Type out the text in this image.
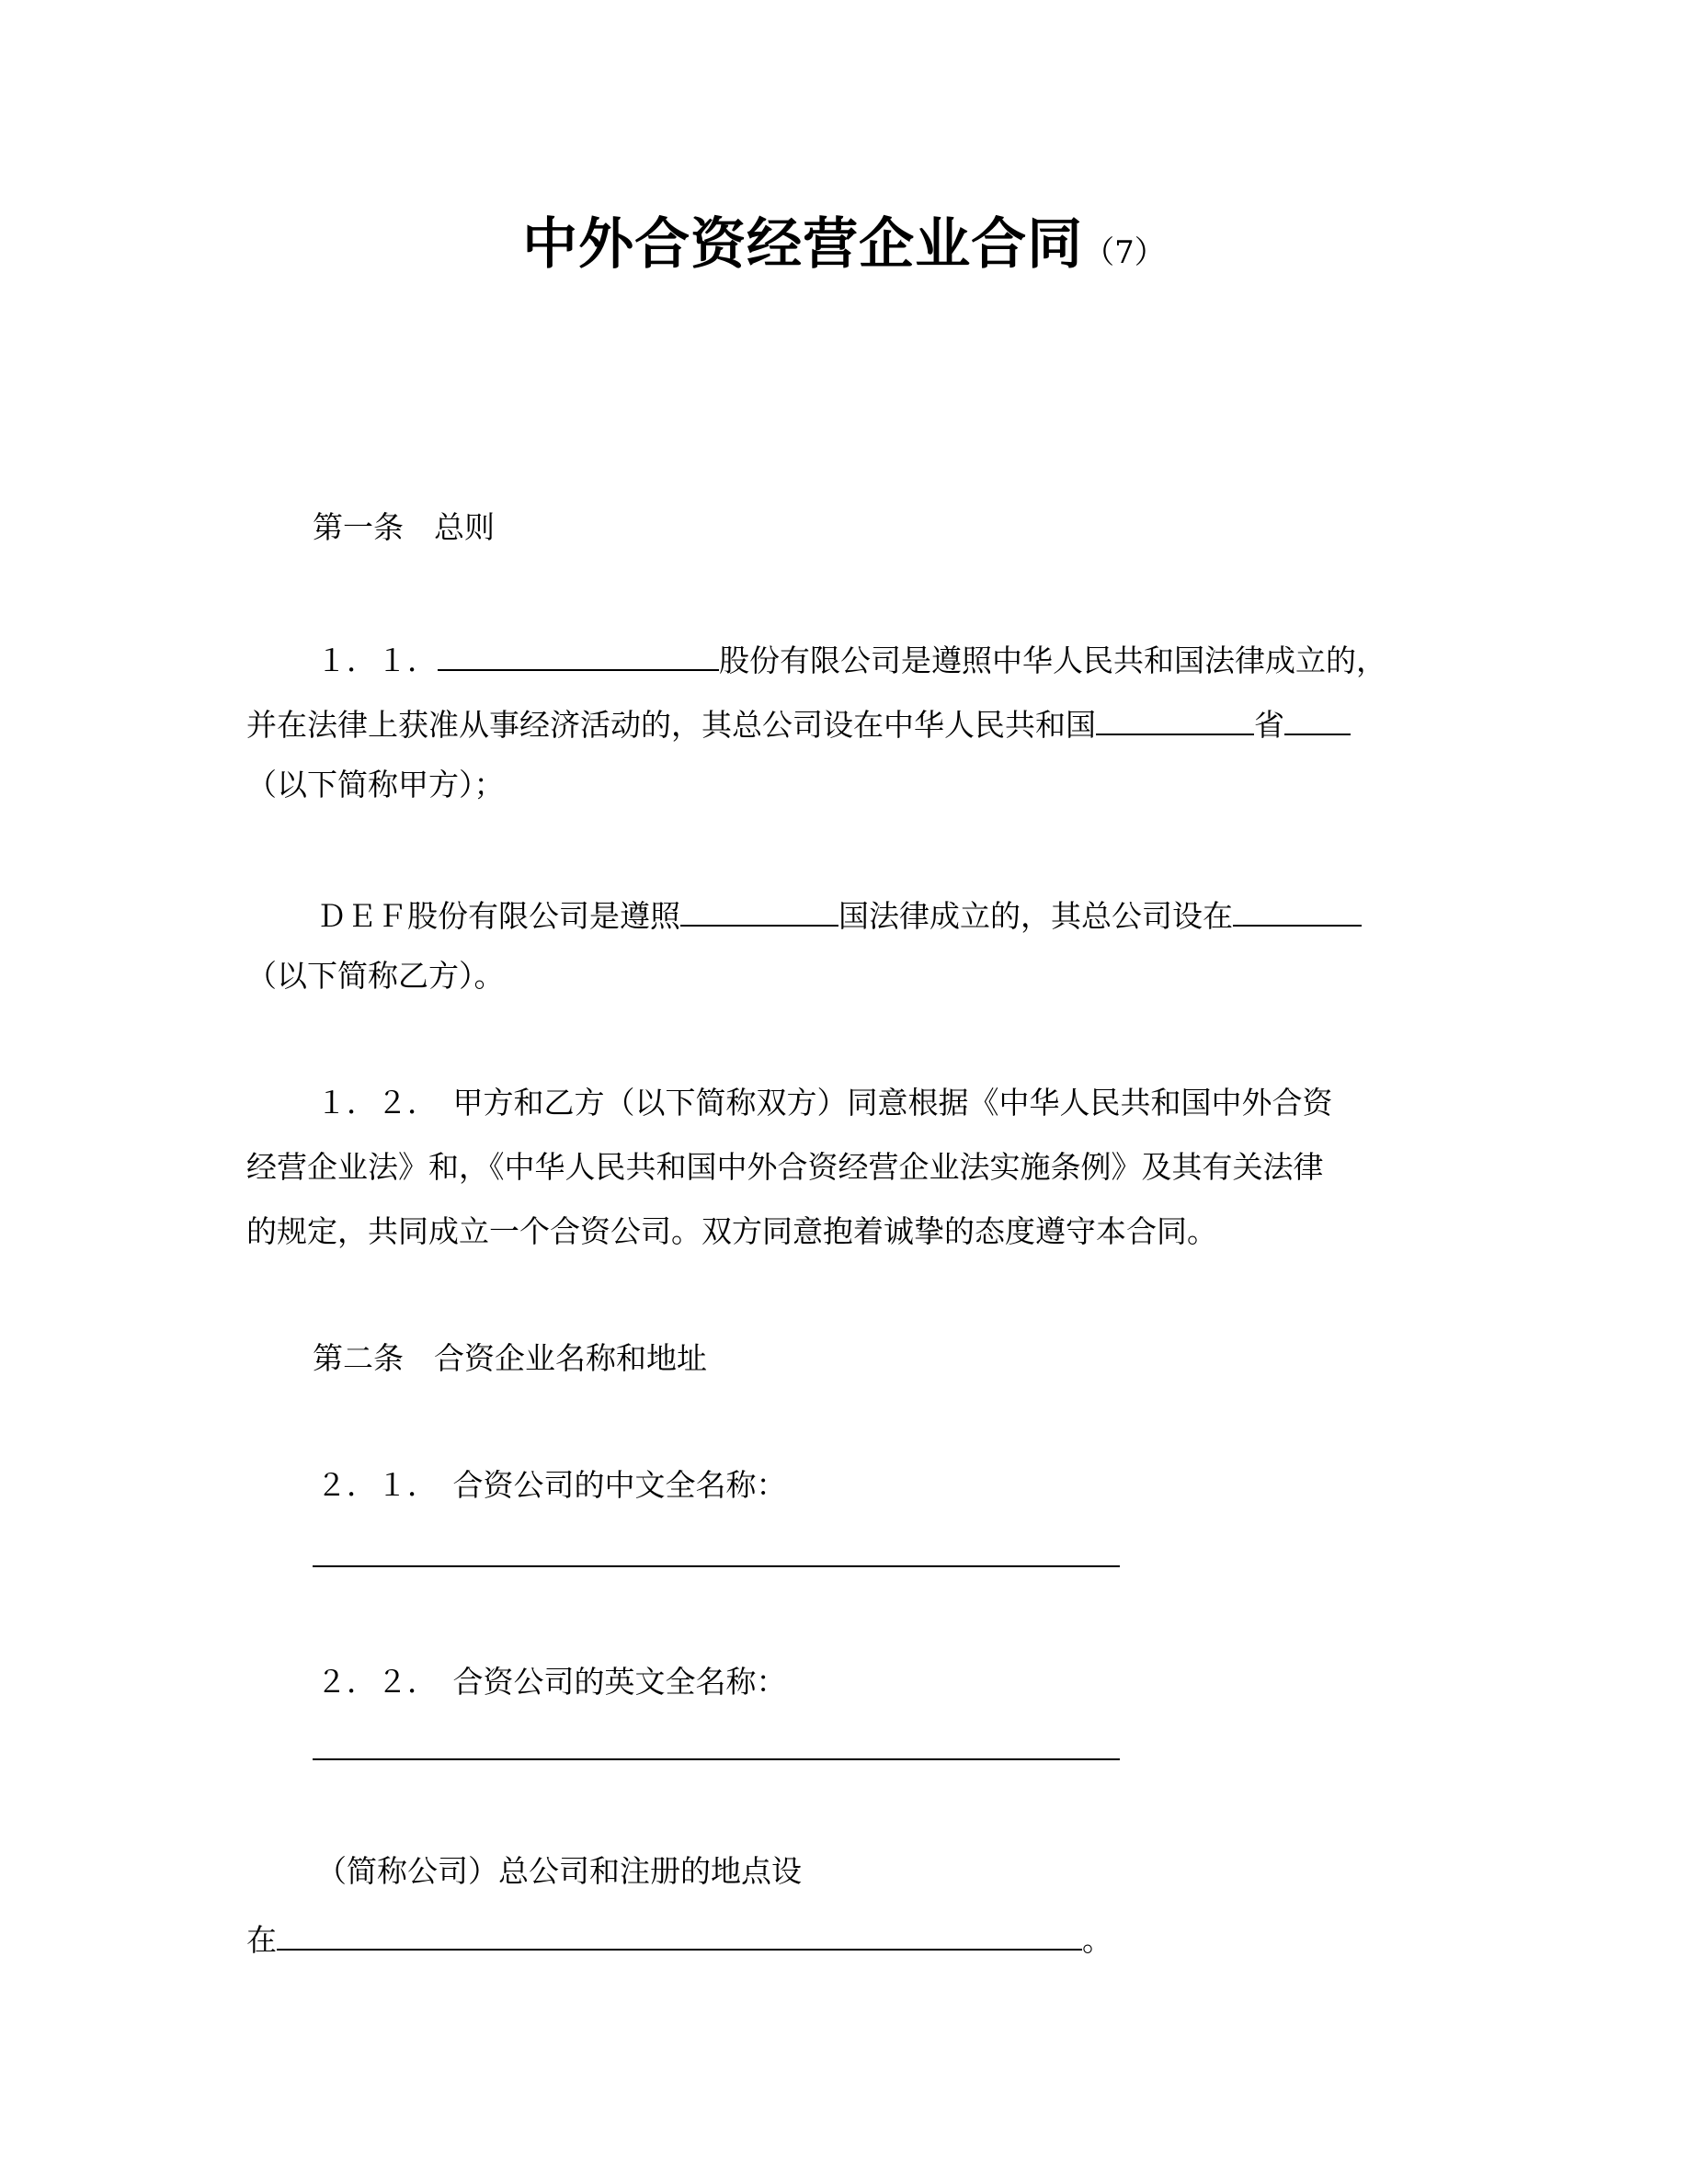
中外合资经营企业合同（7）
第一条　总则
１．１．	股份有限公司是遵照中华人民共和国法律成立的，
并在法律上获准从事经济活动的，其总公司设在中华人民共和国	省
（以下简称甲方）；
ＤＥＦ股份有限公司是遵照	国法律成立的，其总公司设在
（以下简称乙方）。
１．２．　甲方和乙方（以下简称双方）同意根据《中华人民共和国中外合资
经营企业法》和，《中华人民共和国中外合资经营企业法实施条例》及其有关法律
的规定，共同成立一个合资公司。双方同意抱着诚挚的态度遵守本合同。
第二条　合资企业名称和地址
２．１．　合资公司的中文全名称：
２．２．　合资公司的英文全名称：
（简称公司）总公司和注册的地点设
在	。
